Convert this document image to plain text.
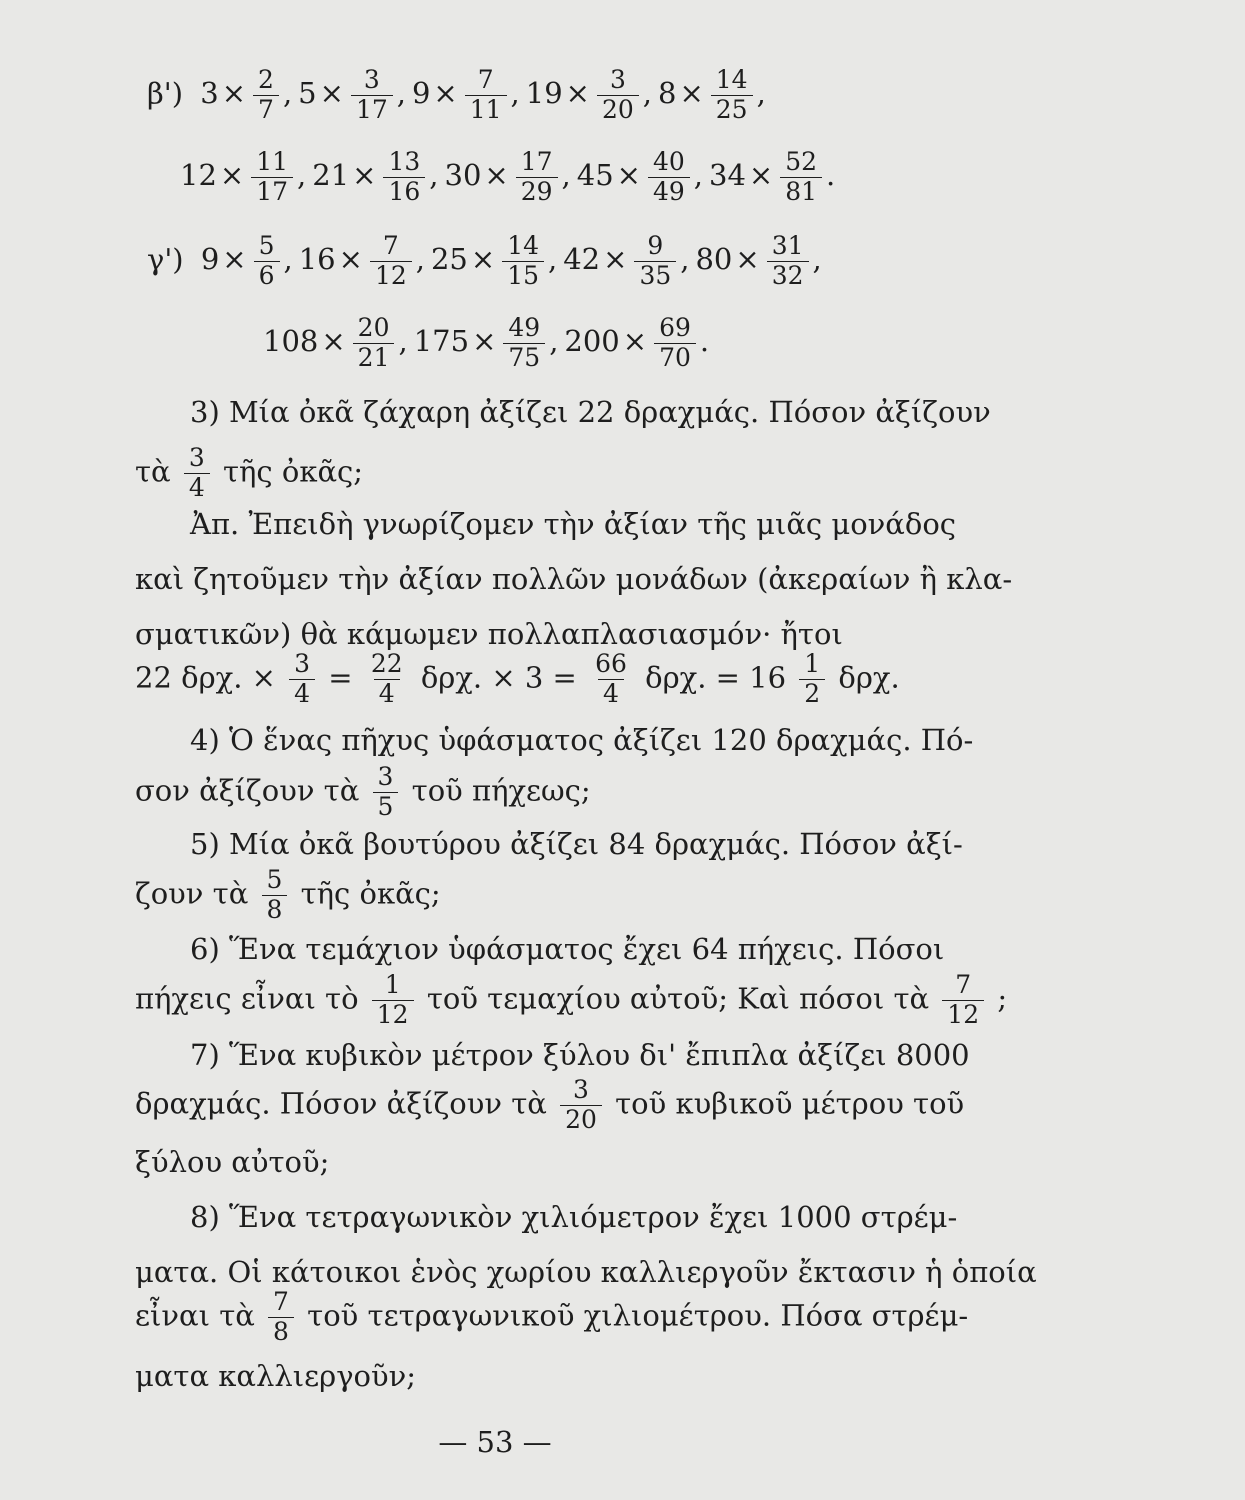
β') $3 \times \frac{2}{7}$ , $5 \times \frac{3}{17}$ , $9 \times \frac{7}{11}$ , $19 \times \frac{3}{20}$ , $8 \times \frac{14}{25}$ ,
$12 \times \frac{11}{17}$ , $21 \times \frac{13}{16}$ , $30 \times \frac{17}{29}$ , $45 \times \frac{40}{49}$ , $34 \times \frac{52}{81}$ .
γ') $9 \times \frac{5}{6}$ , $16 \times \frac{7}{12}$ , $25 \times \frac{14}{15}$ , $42 \times \frac{9}{35}$ , $80 \times \frac{31}{32}$ ,
$108 \times \frac{20}{21}$ , $175 \times \frac{49}{75}$ , $200 \times \frac{69}{70}$ .
3) Μία ὀκᾶ ζάχαρη ἀξίζει 22 δραχμάς. Πόσον ἀξίζουν
τὰ $\frac{3}{4}$ τῆς ὀκᾶς;
Ἀπ. Ἐπειδὴ γνωρίζομεν τὴν ἀξίαν τῆς μιᾶς μονάδος
καὶ ζητοῦμεν τὴν ἀξίαν πολλῶν μονάδων (ἀκεραίων ἢ κλα-
σματικῶν) θὰ κάμωμεν πολλαπλασιασμόν· ἤτοι
22 δρχ. × $\frac{3}{4} = \frac{22}{4} \delta\rho\chi$. × $3 = \frac{66}{4} \delta\rho\chi$. = $16 \frac{1}{2} \delta\rho\chi$.
4) Ὁ ἕνας πῆχυς ὑφάσματος ἀξίζει 120 δραχμάς. Πό-
σον ἀξίζουν τὰ $\frac{3}{5}$ τοῦ πήχεως;
5) Μία ὀκᾶ βουτύρου ἀξίζει 84 δραχμάς. Πόσον ἀξί-
ζουν τὰ $\frac{5}{8}$ τῆς ὀκᾶς;
6) Ἕνα τεμάχιον ὑφάσματος ἔχει 64 πήχεις. Πόσοι
πήχεις εἶναι τὸ $\frac{1}{12}$ τοῦ τεμαχίου αὐτοῦ; Καὶ πόσοι τὰ $\frac{7}{12}$ ;
7) Ἕνα κυβικὸν μέτρον ξύλου δι' ἔπιπλα ἀξίζει 8000
δραχμάς. Πόσον ἀξίζουν τὰ $\frac{3}{20}$ τοῦ κυβικοῦ μέτρου τοῦ
ξύλου αὐτοῦ;
8) Ἕνα τετραγωνικὸν χιλιόμετρον ἔχει 1000 στρέμ-
ματα. Οἱ κάτοικοι ἑνὸς χωρίου καλλιεργοῦν ἔκτασιν ἡ ὁποία
εἶναι τὰ $\frac{7}{8}$ τοῦ τετραγωνικοῦ χιλιομέτρου. Πόσα στρέμ-
ματα καλλιεργοῦν;
— 53 —
